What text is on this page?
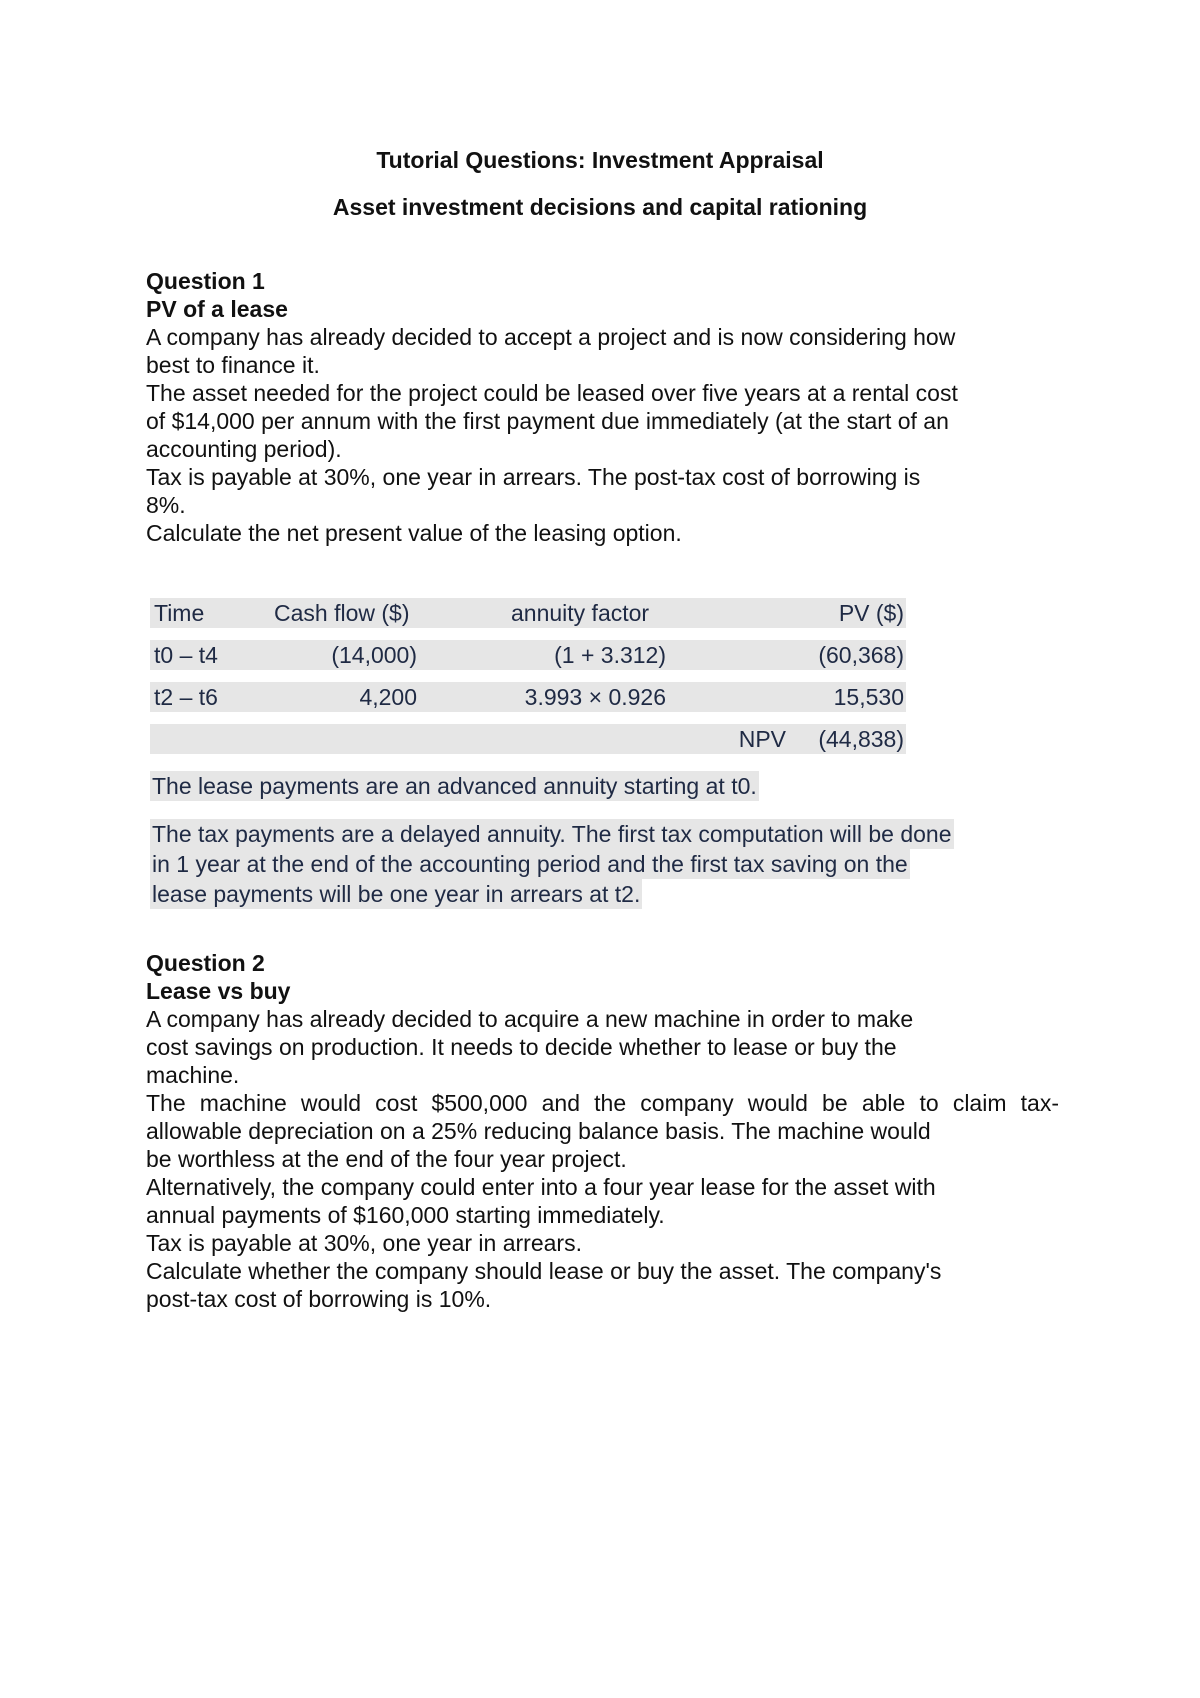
Tutorial Questions: Investment Appraisal
Asset investment decisions and capital rationing
Question 1
PV of a lease
A company has already decided to accept a project and is now considering how
best to finance it.
The asset needed for the project could be leased over five years at a rental cost
of $14,000 per annum with the first payment due immediately (at the start of an
accounting period).
Tax is payable at 30%, one year in arrears. The post-tax cost of borrowing is
8%.
Calculate the net present value of the leasing option.
Time	Cash flow ($)	annuity factor	PV ($)
t0 – t4	(14,000)	(1 + 3.312)	(60,368)
t2 – t6	4,200	3.993 × 0.926	15,530
NPV (44,838)
The lease payments are an advanced annuity starting at t0.
The tax payments are a delayed annuity. The first tax computation will be done
in 1 year at the end of the accounting period and the first tax saving on the
lease payments will be one year in arrears at t2.
Question 2
Lease vs buy
A company has already decided to acquire a new machine in order to make
cost savings on production. It needs to decide whether to lease or buy the
machine.
The machine would cost $500,000 and the company would be able to claim tax-
allowable depreciation on a 25% reducing balance basis. The machine would
be worthless at the end of the four year project.
Alternatively, the company could enter into a four year lease for the asset with
annual payments of $160,000 starting immediately.
Tax is payable at 30%, one year in arrears.
Calculate whether the company should lease or buy the asset. The company's
post-tax cost of borrowing is 10%.
